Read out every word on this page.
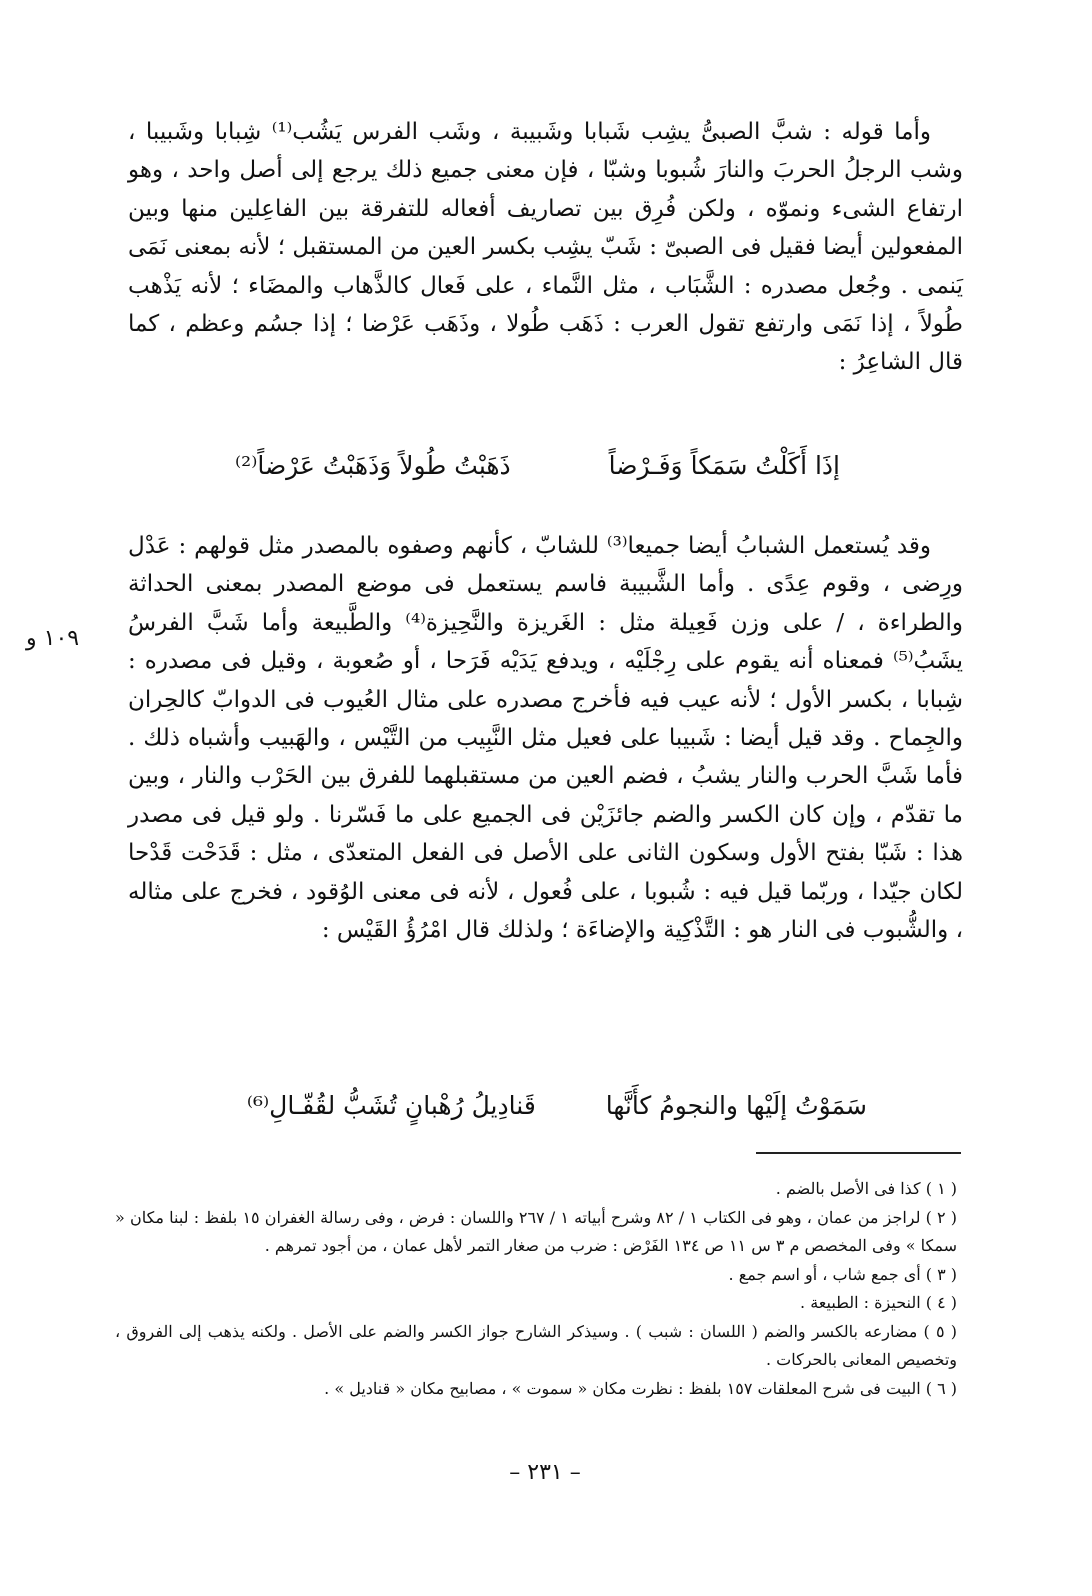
وأما قوله : شبَّ الصبىُّ يشِب شَبابا وشَبيبة ، وشَب الفرس يَشُب⁽¹⁾ شِبابا وشَبيبا ، وشب الرجلُ الحربَ والنارَ شُبوبا وشبّا ، فإن معنى جميع ذلك يرجع إلى أصل واحد ، وهو ارتفاع الشىء ونموّه ، ولكن فُرِق بين تصاريف أفعاله للتفرقة بين الفاعِلين منها وبين المفعولين أيضا فقيل فى الصبىّ : شَبّ يشِب بكسر العين من المستقبل ؛ لأنه بمعنى نَمَى يَنمى . وجُعل مصدره : الشَّبَاب ، مثل النَّماء ، على فَعال كالذَّهاب والمضَاء ؛ لأنه يَذْهب طُولاً ، إذا نَمَى وارتفع تقول العرب : ذَهَب طُولا ، وذَهَب عَرْضا ؛ إذا جسُم وعظم ، كما قال الشاعِرُ :

إذَا أَكَلْتُ سَمَكاً وَفَـرْضاً ذَهَبْتُ طُولاً وَذَهَبْتُ عَرْضاً⁽²⁾

وقد يُستعمل الشبابُ أيضا جميعا⁽³⁾ للشابّ ، كأنهم وصفوه بالمصدر مثل قولهم : عَدْل ورِضى ، وقوم عِدًى . وأما الشَّبيبة فاسم يستعمل فى موضع المصدر بمعنى الحداثة والطراءة ، / على وزن فَعِيلة مثل : الغَريزة والنَّحِيزة⁽⁴⁾ والطَّبيعة وأما شَبَّ الفرسُ يشَبُ⁽⁵⁾ فمعناه أنه يقوم على رِجْلَيْه ، ويدفع يَدَيْه فَرَحا ، أو صُعوبة ، وقيل فى مصدره : شِبابا ، بكسر الأول ؛ لأنه عيب فيه فأخرج مصدره على مثال العُيوب فى الدوابّ كالحِران والجِماح . وقد قيل أيضا : شَبيبا على فعيل مثل النَّبِيب من التَّيْس ، والهَبيب وأشباه ذلك . فأما شَبَّ الحرب والنار يشبُ ، فضم العين من مستقبلهما للفرق بين الحَرْب والنار ، وبين ما تقدّم ، وإن كان الكسر والضم جائزَيْن فى الجميع على ما فَسّرنا . ولو قيل فى مصدر هذا : شَبّا بفتح الأول وسكون الثانى على الأصل فى الفعل المتعدّى ، مثل : قَدَحْت قَدْحا لكان جيّدا ، وربّما قيل فيه : شُبوبا ، على فُعول ، لأنه فى معنى الوُقود ، فخرج على مثاله ، والشُّبوب فى النار هو : التَّذْكِية والإضاءَة ؛ ولذلك قال امْرُؤُ القَيْس :

١٠٩ و
سَمَوْتُ إلَيْها والنجومُ كأَنَّها قَنادِيلُ رُهْبانٍ تُشَبُّ لقُفّـالِ⁽⁶⁾

( ١ ) كذا فى الأصل بالضم .

( ٢ ) لراجز من عمان ، وهو فى الكتاب ١ / ٨٢ وشرح أبياته ١ / ٢٦٧ واللسان : فرض ، وفى رسالة الغفران ١٥ بلفظ : لبنا مكان « سمكا » وفى المخصص م ٣ س ١١ ص ١٣٤ الفَرْض : ضرب من صغار التمر لأهل عمان ، من أجود تمرهم .

( ٣ ) أى جمع شاب ، أو اسم جمع .

( ٤ ) النحيزة : الطبيعة .

( ٥ ) مضارعه بالكسر والضم ( اللسان : شبب ) . وسيذكر الشارح جواز الكسر والضم على الأصل . ولكنه يذهب إلى الفروق ، وتخصيص المعانى بالحركات .

( ٦ ) البيت فى شرح المعلقات ١٥٧ بلفظ : نظرت مكان « سموت » ، مصابيح مكان « قناديل » .

– ٢٣١ –
